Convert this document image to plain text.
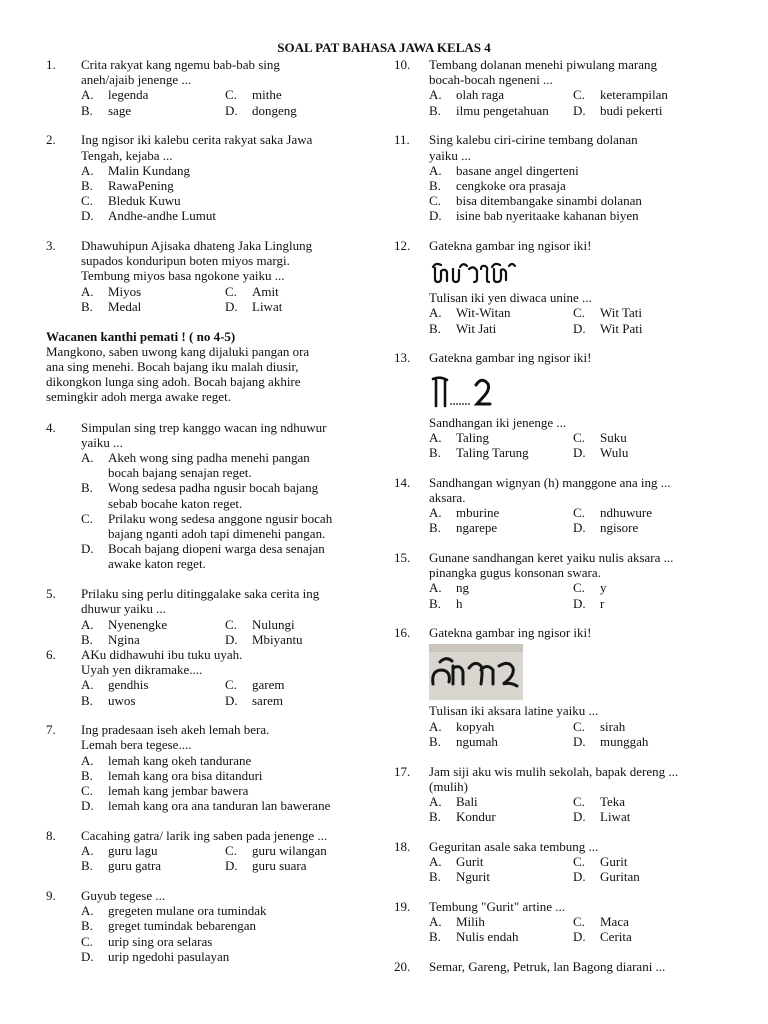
SOAL PAT BAHASA JAWA KELAS 4
1. Crita rakyat kang ngemu bab-bab sing
aneh/ajaib jenenge ...
A. legenda	C. mithe
B. sage	D. dongeng
2. Ing ngisor iki kalebu cerita rakyat saka Jawa
Tengah, kejaba ...
A. Malin Kundang
B. RawaPening
C. Bleduk Kuwu
D. Andhe-andhe Lumut
3. Dhawuhipun Ajisaka dhateng Jaka Linglung
supados konduripun boten miyos margi.
Tembung miyos basa ngokone yaiku ...
A. Miyos	C. Amit
B. Medal	D. Liwat
Wacanen kanthi pemati ! ( no 4-5)
Mangkono, saben uwong kang dijaluki pangan ora
ana sing menehi. Bocah bajang iku malah diusir,
dikongkon lunga sing adoh. Bocah bajang akhire
semingkir adoh merga awake reget.
4. Simpulan sing trep kanggo wacan ing ndhuwur
yaiku ...
A. Akeh wong sing padha menehi pangan
bocah bajang senajan reget.
B. Wong sedesa padha ngusir bocah bajang
sebab bocahe katon reget.
C. Prilaku wong sedesa anggone ngusir bocah
bajang nganti adoh tapi dimenehi pangan.
D. Bocah bajang diopeni warga desa senajan
awake katon reget.
5. Prilaku sing perlu ditinggalake saka cerita ing
dhuwur yaiku ...
A. Nyenengke	C. Nulungi
B. Ngina	D. Mbiyantu
6. AKu didhawuhi ibu tuku uyah.
Uyah yen dikramake....
A. gendhis	C. garem
B. uwos	D. sarem
7. Ing pradesaan iseh akeh lemah bera.
Lemah bera tegese....
A. lemah kang okeh tandurane
B. lemah kang ora bisa ditanduri
C. lemah kang jembar bawera
D. lemah kang ora ana tanduran lan bawerane
8. Cacahing gatra/ larik ing saben pada jenenge ...
A. guru lagu	C. guru wilangan
B. guru gatra	D. guru suara
9. Guyub tegese ...
A. gregeten mulane ora tumindak
B. greget tumindak bebarengan
C. urip sing ora selaras
D. urip ngedohi pasulayan
10. Tembang dolanan menehi piwulang marang
bocah-bocah ngeneni ...
A. olah raga	C. keterampilan
B. ilmu pengetahuan	D. budi pekerti
11. Sing kalebu ciri-cirine tembang dolanan
yaiku ...
A. basane angel dingerteni
B. cengkoke ora prasaja
C. bisa ditembangake sinambi dolanan
D. isine bab nyeritaake kahanan biyen
12. Gatekna gambar ing ngisor iki!
Tulisan iki yen diwaca unine ...
A. Wit-Witan	C. Wit Tati
B. Wit Jati	D. Wit Pati
13. Gatekna gambar ing ngisor iki!
Sandhangan iki jenenge ...
A. Taling	C. Suku
B. Taling Tarung	D. Wulu
14. Sandhangan wignyan (h) manggone ana ing ...
aksara.
A. mburine	C. ndhuwure
B. ngarepe	D. ngisore
15. Gunane sandhangan keret yaiku nulis aksara ...
pinangka gugus konsonan swara.
A. ng	C. y
B. h	D. r
16. Gatekna gambar ing ngisor iki!
Tulisan iki aksara latine yaiku ...
A. kopyah	C. sirah
B. ngumah	D. munggah
17. Jam siji aku wis mulih sekolah, bapak dereng ...
(mulih)
A. Bali	C. Teka
B. Kondur	D. Liwat
18. Geguritan asale saka tembung ...
A. Gurit	C. Gurit
B. Ngurit	D. Guritan
19. Tembung "Gurit" artine ...
A. Milih	C. Maca
B. Nulis endah	D. Cerita
20. Semar, Gareng, Petruk, lan Bagong diarani ...
